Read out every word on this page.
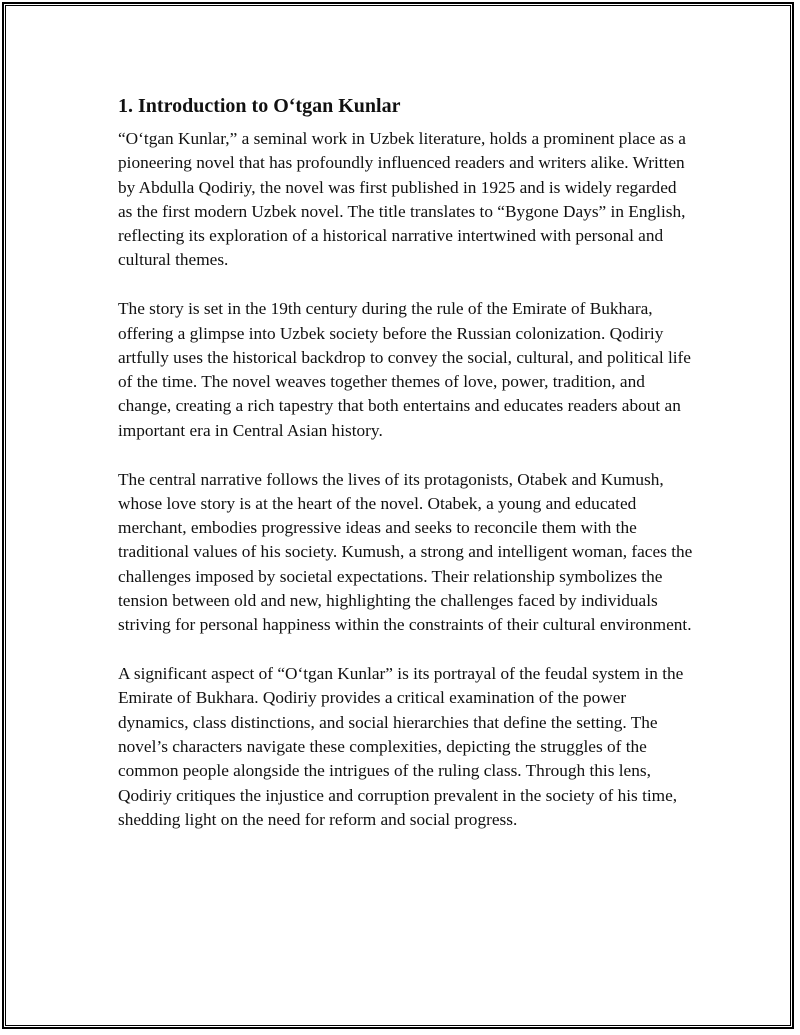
1. Introduction to O‘tgan Kunlar

“O‘tgan Kunlar,” a seminal work in Uzbek literature, holds a prominent place as a pioneering novel that has profoundly influenced readers and writers alike. Written by Abdulla Qodiriy, the novel was first published in 1925 and is widely regarded as the first modern Uzbek novel. The title translates to “Bygone Days” in English, reflecting its exploration of a historical narrative intertwined with personal and cultural themes.

The story is set in the 19th century during the rule of the Emirate of Bukhara, offering a glimpse into Uzbek society before the Russian colonization. Qodiriy artfully uses the historical backdrop to convey the social, cultural, and political life of the time. The novel weaves together themes of love, power, tradition, and change, creating a rich tapestry that both entertains and educates readers about an important era in Central Asian history.

The central narrative follows the lives of its protagonists, Otabek and Kumush, whose love story is at the heart of the novel. Otabek, a young and educated merchant, embodies progressive ideas and seeks to reconcile them with the traditional values of his society. Kumush, a strong and intelligent woman, faces the challenges imposed by societal expectations. Their relationship symbolizes the tension between old and new, highlighting the challenges faced by individuals striving for personal happiness within the constraints of their cultural environment.

A significant aspect of “O‘tgan Kunlar” is its portrayal of the feudal system in the Emirate of Bukhara. Qodiriy provides a critical examination of the power dynamics, class distinctions, and social hierarchies that define the setting. The novel’s characters navigate these complexities, depicting the struggles of the common people alongside the intrigues of the ruling class. Through this lens, Qodiriy critiques the injustice and corruption prevalent in the society of his time, shedding light on the need for reform and social progress.
